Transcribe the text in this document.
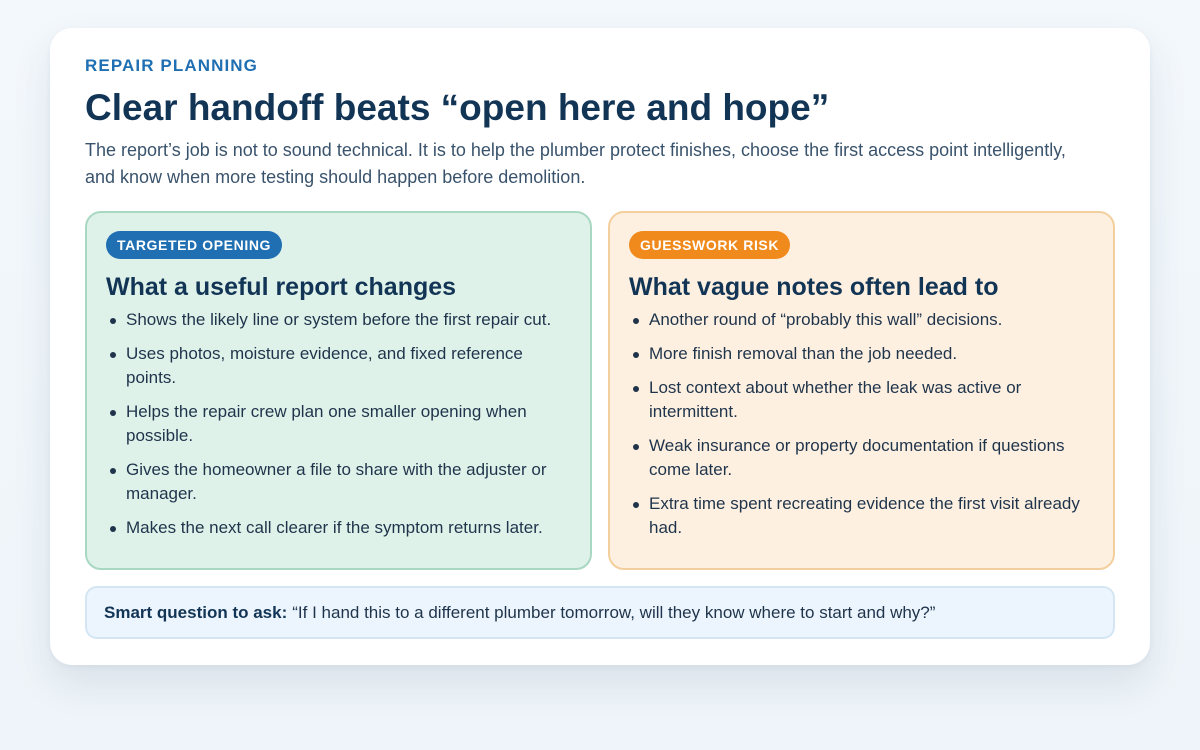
REPAIR PLANNING
Clear handoff beats “open here and hope”

The report’s job is not to sound technical. It is to help the plumber protect finishes, choose the first access point intelligently, and know when more testing should happen before demolition.

TARGETED OPENING
What a useful report changes
Shows the likely line or system before the first repair cut.
Uses photos, moisture evidence, and fixed reference points.
Helps the repair crew plan one smaller opening when possible.
Gives the homeowner a file to share with the adjuster or manager.
Makes the next call clearer if the symptom returns later.
GUESSWORK RISK
What vague notes often lead to
Another round of “probably this wall” decisions.
More finish removal than the job needed.
Lost context about whether the leak was active or intermittent.
Weak insurance or property documentation if questions come later.
Extra time spent recreating evidence the first visit already had.
Smart question to ask: “If I hand this to a different plumber tomorrow, will they know where to start and why?”
